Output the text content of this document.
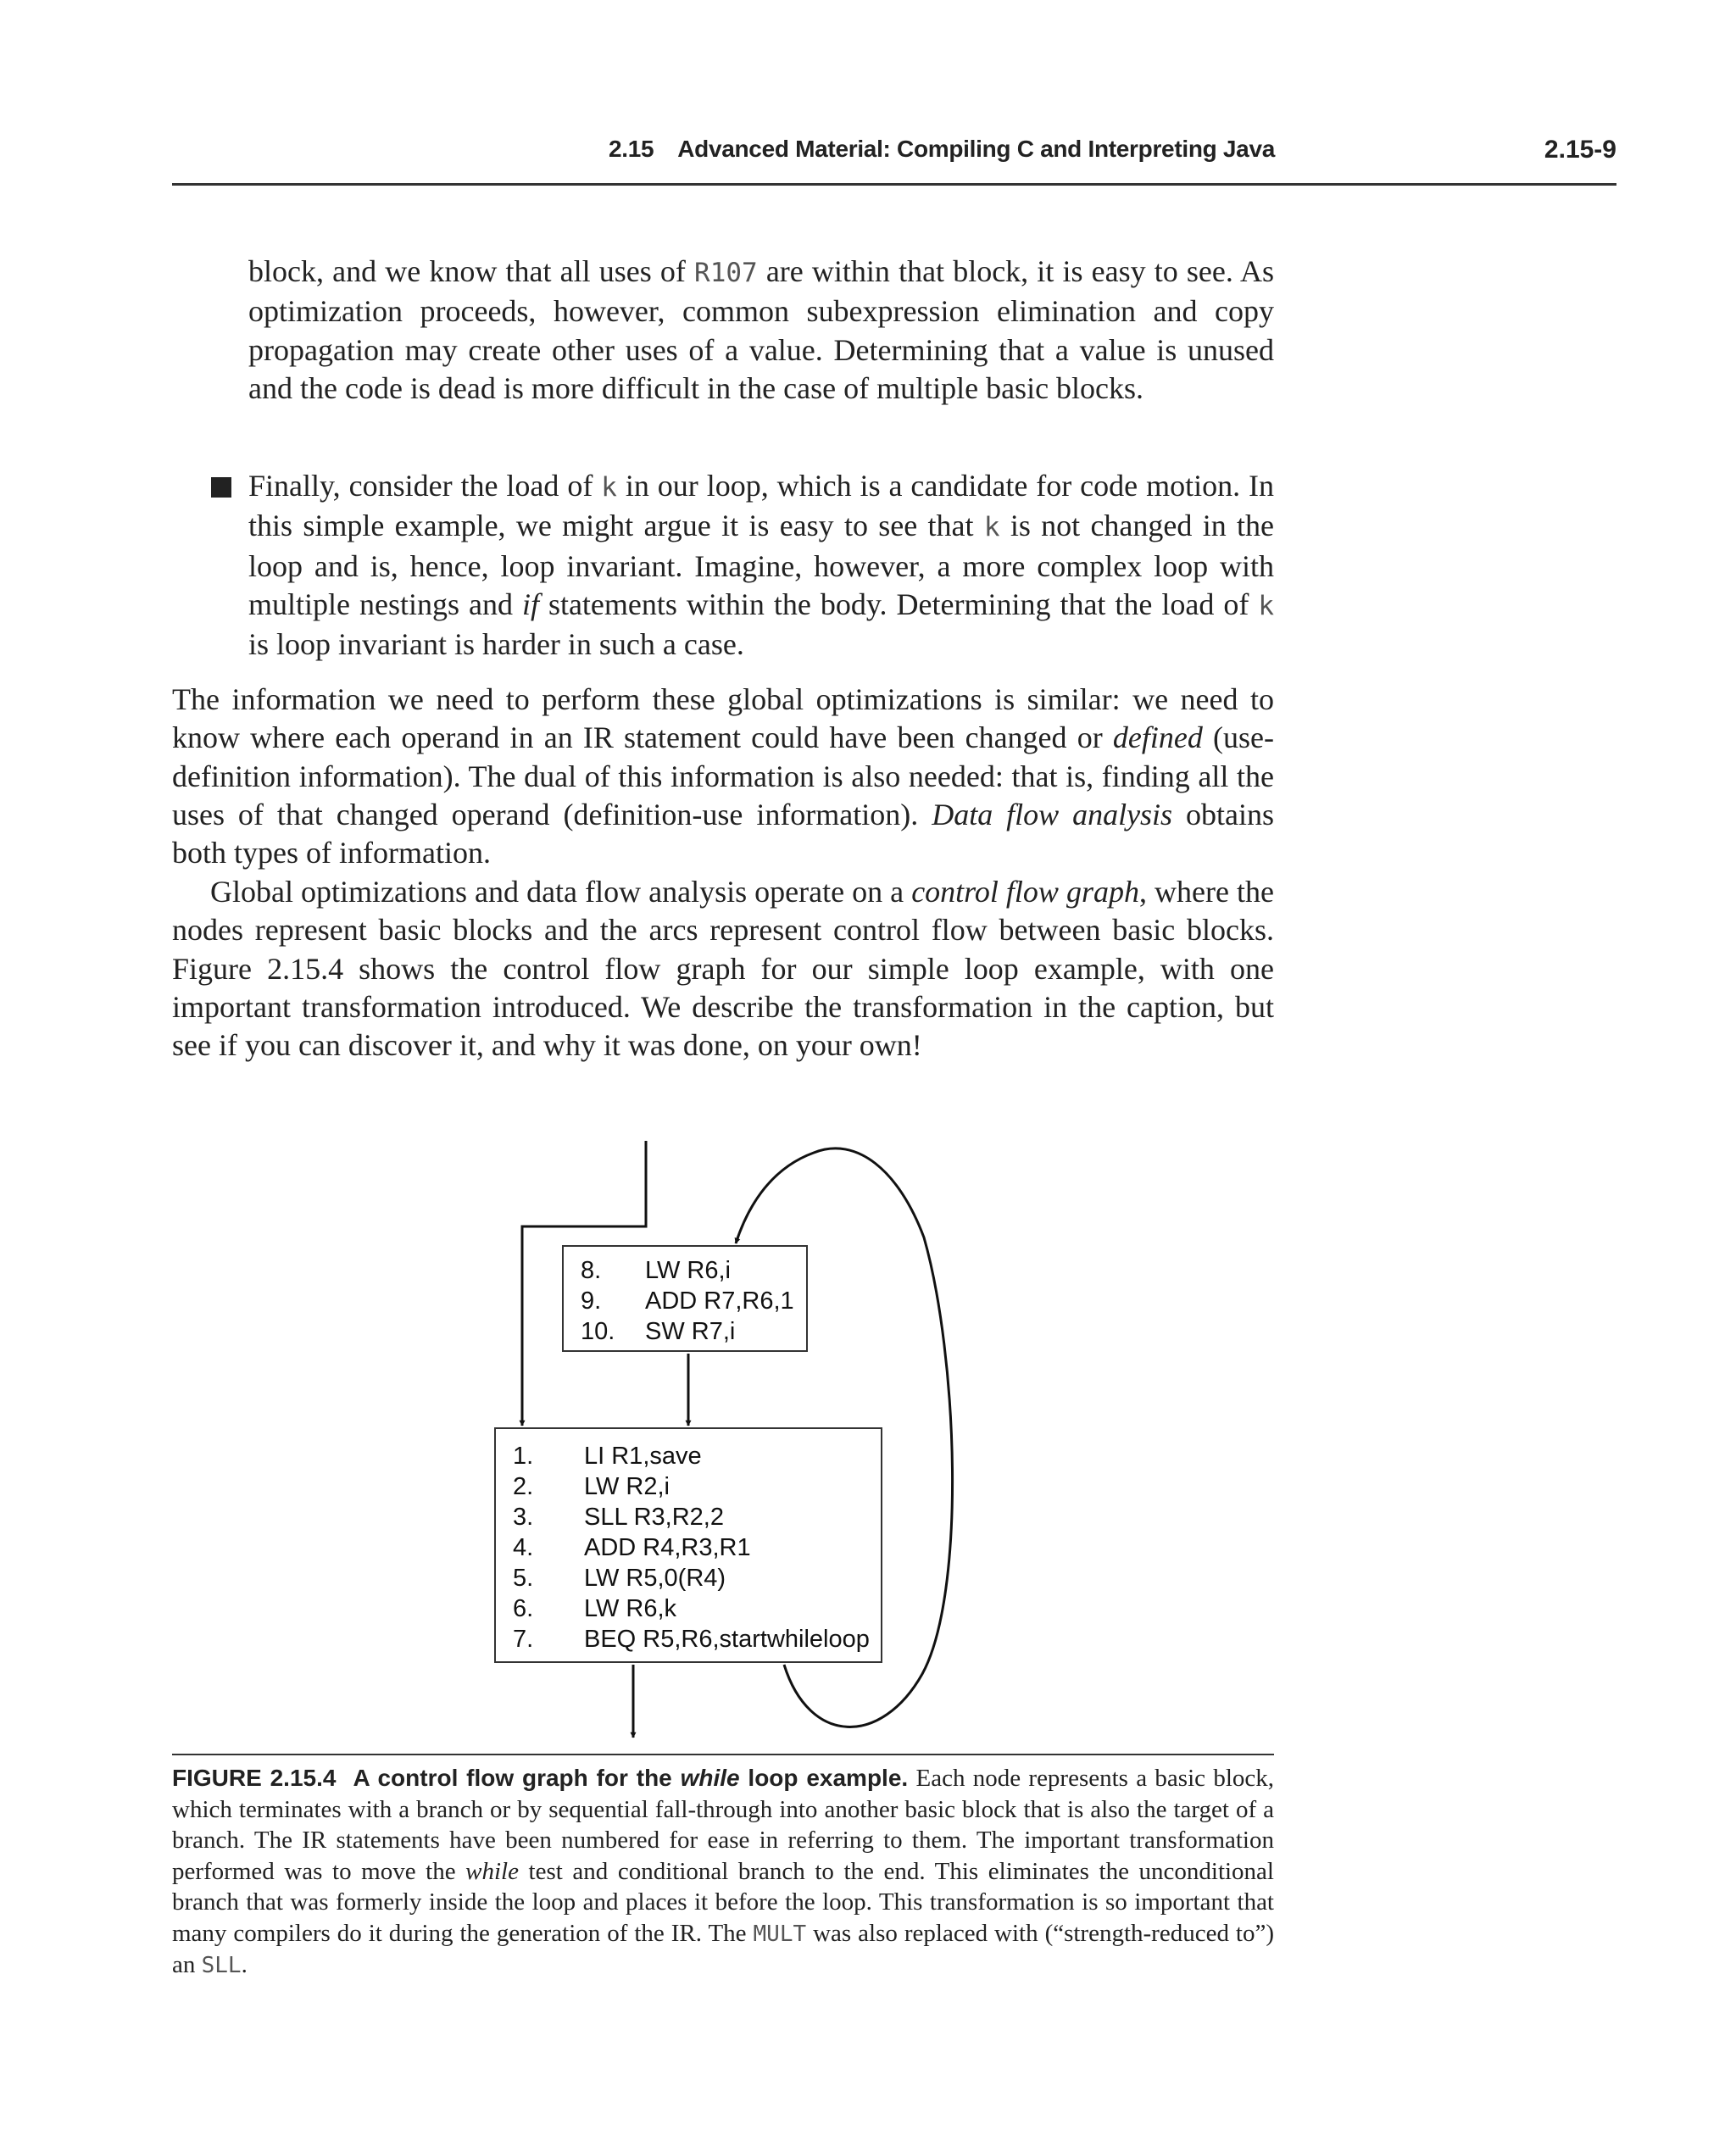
2.15 Advanced Material: Compiling C and Interpreting Java	2.15-9

block, and we know that all uses of R107 are within that block, it is easy to see. As optimization proceeds, however, common subexpression elimination and copy propagation may create other uses of a value. Determining that a value is unused and the code is dead is more difficult in the case of multiple basic blocks.

Finally, consider the load of k in our loop, which is a candidate for code motion. In this simple example, we might argue it is easy to see that k is not changed in the loop and is, hence, loop invariant. Imagine, however, a more complex loop with multiple nestings and if statements within the body. Determining that the load of k is loop invariant is harder in such a case.

The information we need to perform these global optimizations is similar: we need to know where each operand in an IR statement could have been changed or defined (use-definition information). The dual of this information is also needed: that is, finding all the uses of that changed operand (definition-use information). Data flow analysis obtains both types of information.

Global optimizations and data flow analysis operate on a control flow graph, where the nodes represent basic blocks and the arcs represent control flow between basic blocks. Figure 2.15.4 shows the control flow graph for our simple loop example, with one important transformation introduced. We describe the transformation in the caption, but see if you can discover it, and why it was done, on your own!

8.	LW R6,i
9.	ADD R7,R6,1
10.	SW R7,i
1.	LI R1,save
2.	LW R2,i
3.	SLL R3,R2,2
4.	ADD R4,R3,R1
5.	LW R5,0(R4)
6.	LW R6,k
7.	BEQ R5,R6,startwhileloop
FIGURE 2.15.4 A control flow graph for the while loop example. Each node represents a basic block, which terminates with a branch or by sequential fall-through into another basic block that is also the target of a branch. The IR statements have been numbered for ease in referring to them. The important transformation performed was to move the while test and conditional branch to the end. This eliminates the unconditional branch that was formerly inside the loop and places it before the loop. This transformation is so important that many compilers do it during the generation of the IR. The MULT was also replaced with (“strength-reduced to”) an SLL.
